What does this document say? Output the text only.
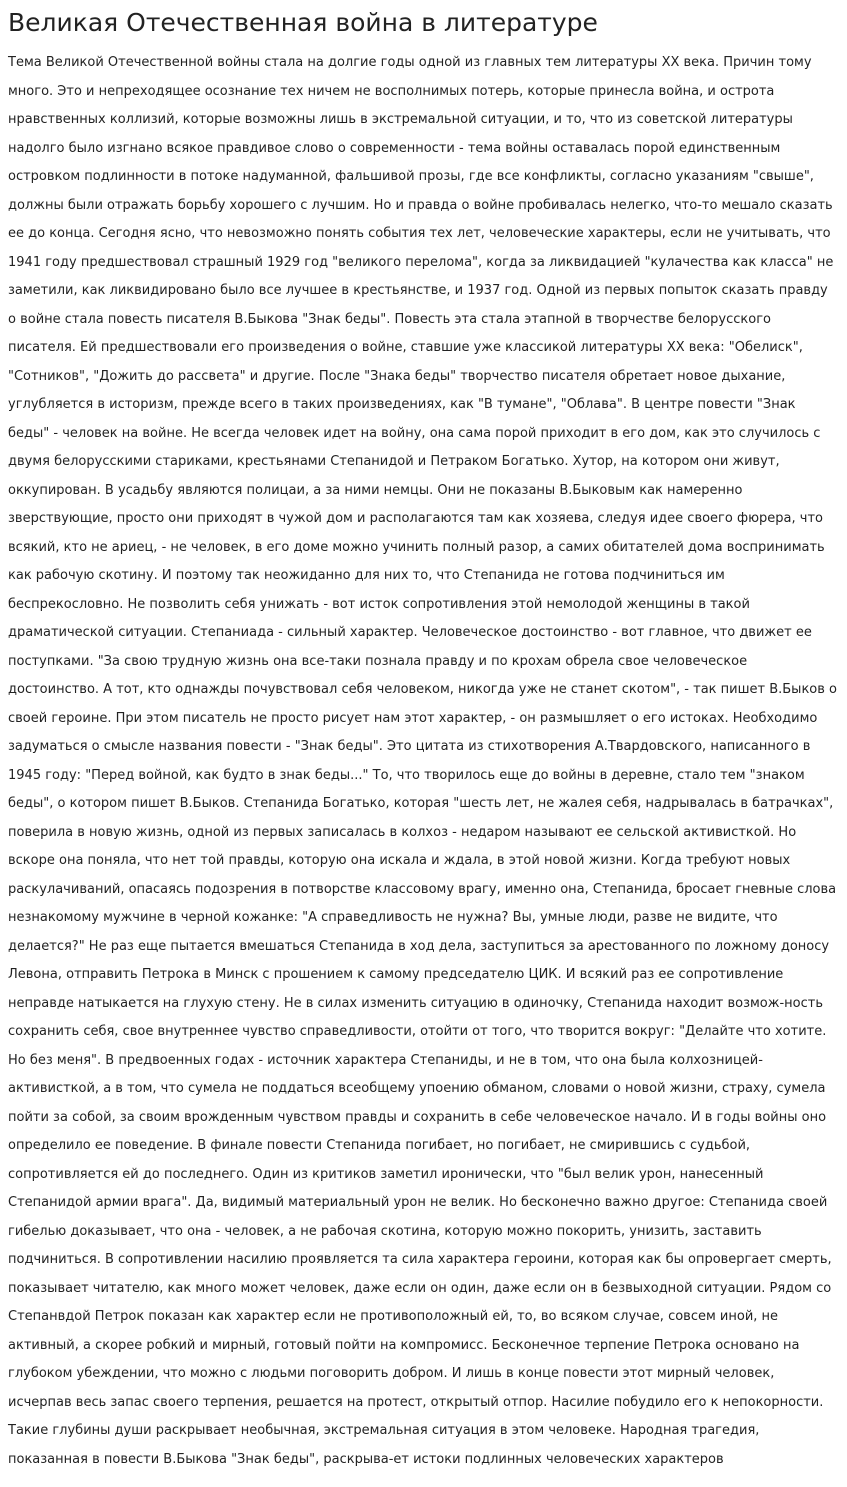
Великая Отечественная война в литературе

Тема Великой Отечественной войны стала на долгие годы одной из главных тем литературы XX века. Причин тому много. Это и непреходящее осознание тех ничем не восполнимых потерь, которые принесла война, и острота нравственных коллизий, которые возможны лишь в экстремальной ситуации, и то, что из советской литературы надолго было изгнано всякое правдивое слово о современности - тема войны оставалась порой единственным островком подлинности в потоке надуманной, фальшивой прозы, где все конфликты, согласно указаниям "свыше", должны были отражать борьбу хорошего с лучшим. Но и правда о войне пробивалась нелегко, что-то мешало сказать ее до конца. Сегодня ясно, что невозможно понять события тех лет, человеческие характеры, если не учитывать, что 1941 году предшествовал страшный 1929 год "великого перелома", когда за ликвидацией "кулачества как класса" не заметили, как ликвидировано было все лучшее в крестьянстве, и 1937 год. Одной из первых попыток сказать правду о войне стала повесть писателя В.Быкова "Знак беды". Повесть эта стала этапной в творчестве белорусского писателя. Ей предшествовали его произведения о войне, ставшие уже классикой литературы XX века: "Обелиск", "Сотников", "Дожить до рассвета" и другие. После "Знака беды" творчество писателя обретает новое дыхание, углубляется в историзм, прежде всего в таких произведениях, как "В тумане", "Облава". В центре повести "Знак беды" - человек на войне. Не всегда человек идет на войну, она сама порой приходит в его дом, как это случилось с двумя белорусскими стариками, крестьянами Степанидой и Петраком Богатько. Хутор, на котором они живут, оккупирован. В усадьбу являются полицаи, а за ними немцы. Они не показаны В.Быковым как намеренно зверствующие, просто они приходят в чужой дом и располагаются там как хозяева, следуя идее своего фюрера, что всякий, кто не ариец, - не человек, в его доме можно учинить полный разор, а самих обитателей дома воспринимать как рабочую скотину. И поэтому так неожиданно для них то, что Степанида не готова подчиниться им беспрекословно. Не позволить себя унижать - вот исток сопротивления этой немолодой женщины в такой драматической ситуации. Степаниада - сильный характер. Человеческое достоинство - вот главное, что движет ее поступками. "За свою трудную жизнь она все-таки познала правду и по крохам обрела свое человеческое достоинство. А тот, кто однажды почувствовал себя человеком, никогда уже не станет скотом", - так пишет В.Быков о своей героине. При этом писатель не просто рисует нам этот характер, - он размышляет о его истоках. Необходимо задуматься о смысле названия повести - "Знак беды". Это цитата из стихотворения А.Твардовского, написанного в 1945 году: "Перед войной, как будто в знак беды..." То, что творилось еще до войны в деревне, стало тем "знаком беды", о котором пишет В.Быков. Степанида Богатько, которая "шесть лет, не жалея себя, надрывалась в батрачках", поверила в новую жизнь, одной из первых записалась в колхоз - недаром называют ее сельской активисткой. Но вскоре она поняла, что нет той правды, которую она искала и ждала, в этой новой жизни. Когда требуют новых раскулачиваний, опасаясь подозрения в потворстве классовому врагу, именно она, Степанида, бросает гневные слова незнакомому мужчине в черной кожанке: "А справедливость не нужна? Вы, умные люди, разве не видите, что делается?" Не раз еще пытается вмешаться Степанида в ход дела, заступиться за арестованного по ложному доносу Левона, отправить Петрока в Минск с прошением к самому председателю ЦИК. И всякий раз ее сопротивление неправде натыкается на глухую стену. Не в силах изменить ситуацию в одиночку, Степанида находит возмож-ность сохранить себя, свое внутреннее чувство справедливости, отойти от того, что творится вокруг: "Делайте что хотите. Но без меня". В предвоенных годах - источник характера Степаниды, и не в том, что она была колхозницей-активисткой, а в том, что сумела не поддаться всеобщему упоению обманом, словами о новой жизни, страху, сумела пойти за собой, за своим врожденным чувством правды и сохранить в себе человеческое начало. И в годы войны оно определило ее поведение. В финале повести Степанида погибает, но погибает, не смирившись с судьбой, сопротивляется ей до последнего. Один из критиков заметил иронически, что "был велик урон, нанесенный Степанидой армии врага". Да, видимый материальный урон не велик. Но бесконечно важно другое: Степанида своей гибелью доказывает, что она - человек, а не рабочая скотина, которую можно покорить, унизить, заставить подчиниться. В сопротивлении насилию проявляется та сила характера героини, которая как бы опровергает смерть, показывает читателю, как много может человек, даже если он один, даже если он в безвыходной ситуации. Рядом со Степанвдой Петрок показан как характер если не противоположный ей, то, во всяком случае, совсем иной, не активный, а скорее робкий и мирный, готовый пойти на компромисс. Бесконечное терпение Петрока основано на глубоком убеждении, что можно с людьми поговорить добром. И лишь в конце повести этот мирный человек, исчерпав весь запас своего терпения, решается на протест, открытый отпор. Насилие побудило его к непокорности. Такие глубины души раскрывает необычная, экстремальная ситуация в этом человеке. Народная трагедия, показанная в повести В.Быкова "Знак беды", раскрыва-ет истоки подлинных человеческих характеров
